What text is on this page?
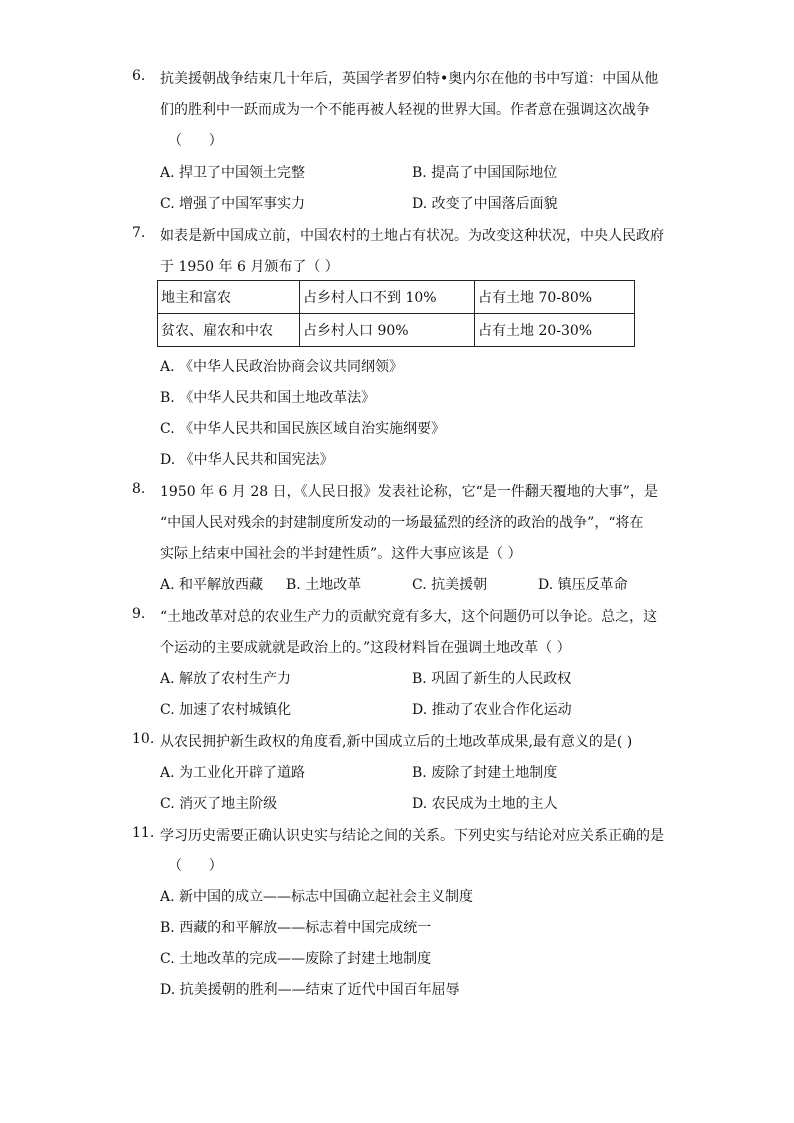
6.	抗美援朝战争结束几十年后，英国学者罗伯特•奥内尔在他的书中写道：中国从他
们的胜利中一跃而成为一个不能再被人轻视的世界大国。作者意在强调这次战争
（      ）
A. 捍卫了中国领土完整	B. 提高了中国国际地位
C. 增强了中国军事实力	D. 改变了中国落后面貌
7.	如表是新中国成立前，中国农村的土地占有状况。为改变这种状况，中央人民政府
于 1950 年 6 月颁布了（ ）
地主和富农	占乡村人口不到 10%	占有土地 70-80%
贫农、雇农和中农	占乡村人口 90%	占有土地 20-30%
A. 《中华人民政治协商会议共同纲领》
B. 《中华人民共和国土地改革法》
C. 《中华人民共和国民族区域自治实施纲要》
D. 《中华人民共和国宪法》
8.	1950 年 6 月 28 日，《人民日报》发表社论称，它“是一件翻天覆地的大事”，是
“中国人民对残余的封建制度所发动的一场最猛烈的经济的政治的战争”，“将在
实际上结束中国社会的半封建性质”。这件大事应该是（ ）
A. 和平解放西藏 B. 土地改革	C. 抗美援朝	D. 镇压反革命
9.	“土地改革对总的农业生产力的贡献究竟有多大，这个问题仍可以争论。总之，这
个运动的主要成就就是政治上的。”这段材料旨在强调土地改革（ ）
A. 解放了农村生产力	B. 巩固了新生的人民政权
C. 加速了农村城镇化	D. 推动了农业合作化运动
10. 从农民拥护新生政权的角度看,新中国成立后的土地改革成果,最有意义的是( )
A. 为工业化开辟了道路	B. 废除了封建土地制度
C. 消灭了地主阶级	D. 农民成为土地的主人
11. 学习历史需要正确认识史实与结论之间的关系。下列史实与结论对应关系正确的是
（      ）
A. 新中国的成立——标志中国确立起社会主义制度
B. 西藏的和平解放——标志着中国完成统一
C. 土地改革的完成——废除了封建土地制度
D. 抗美援朝的胜利——结束了近代中国百年屈辱
